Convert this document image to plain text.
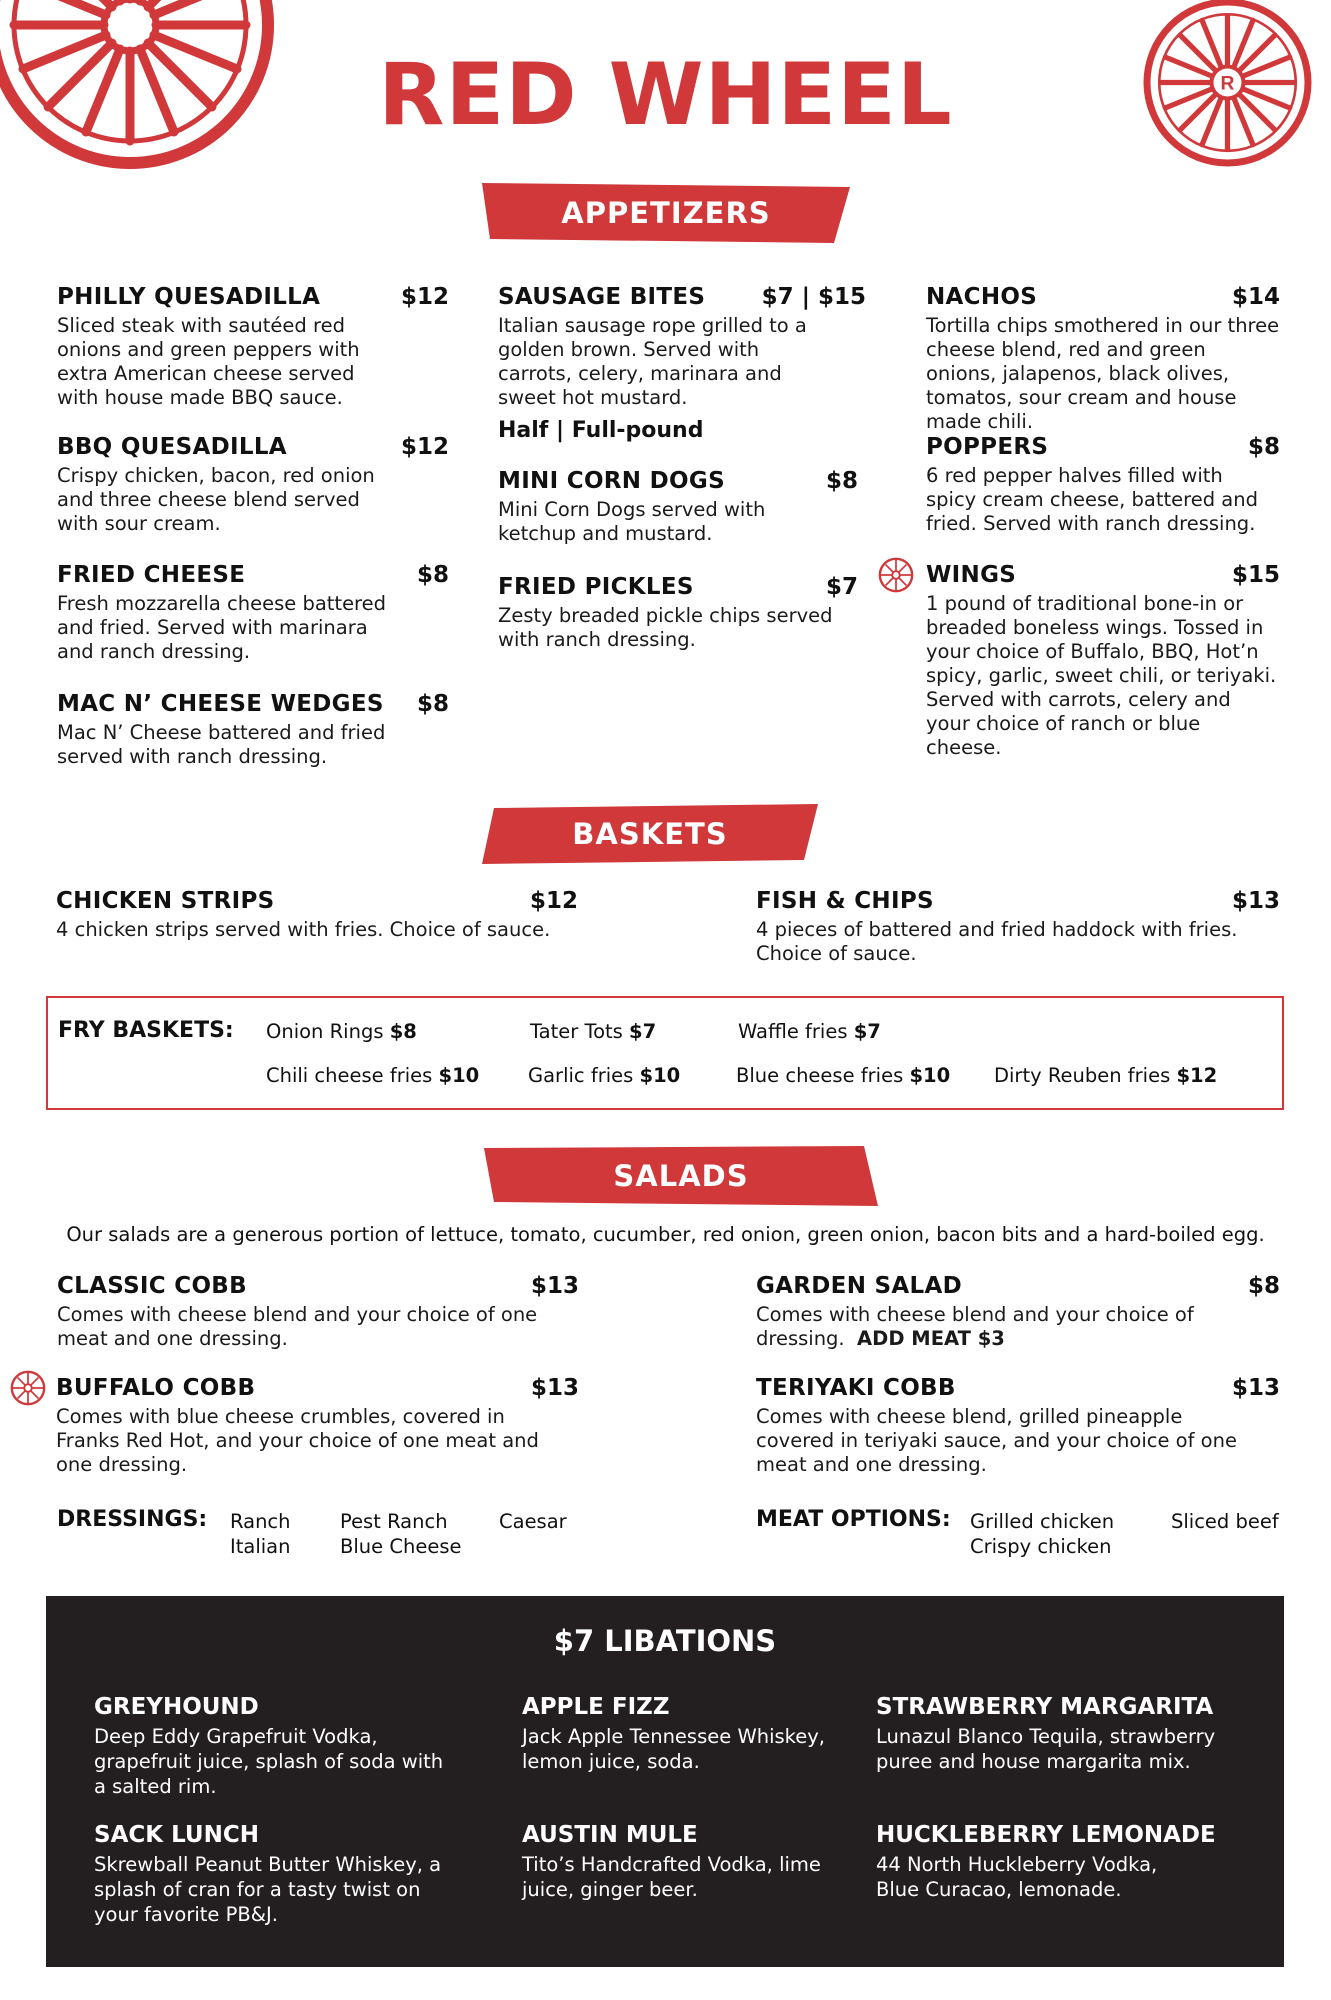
R
RED WHEEL
APPETIZERS
PHILLY QUESADILLA	$12
Sliced steak with sautéed red onions and green peppers with extra American cheese served with house made BBQ sauce.
BBQ QUESADILLA	$12
Crispy chicken, bacon, red onion and three cheese blend served with sour cream.
FRIED CHEESE	$8
Fresh mozzarella cheese battered and fried. Served with marinara and ranch dressing.
MAC N’ CHEESE WEDGES $8
Mac N’ Cheese battered and fried served with ranch dressing.
SAUSAGE BITES $7 | $15
Italian sausage rope grilled to a golden brown. Served with carrots, celery, marinara and sweet hot mustard.
Half | Full-pound
MINI CORN DOGS	$8
Mini Corn Dogs served with ketchup and mustard.
FRIED PICKLES	$7
Zesty breaded pickle chips served with ranch dressing.
NACHOS	$14
Tortilla chips smothered in our three cheese blend, red and green onions, jalapenos, black olives, tomatos, sour cream and house made chili.
POPPERS	$8
6 red pepper halves filled with spicy cream cheese, battered and fried. Served with ranch dressing.
WINGS	$15
1 pound of traditional bone-in or breaded boneless wings. Tossed in your choice of Buffalo, BBQ, Hot’n spicy, garlic, sweet chili, or teriyaki. Served with carrots, celery and your choice of ranch or blue cheese.
BASKETS
CHICKEN STRIPS	$12
4 chicken strips served with fries. Choice of sauce.
FISH & CHIPS	$13
4 pieces of battered and fried haddock with fries. Choice of sauce.
FRY BASKETS: Onion Rings $8	Tater Tots $7	Waffle fries $7
Chili cheese fries $10	Garlic fries $10	Blue cheese fries $10 Dirty Reuben fries $12
SALADS
Our salads are a generous portion of lettuce, tomato, cucumber, red onion, green onion, bacon bits and a hard-boiled egg.
CLASSIC COBB	$13
Comes with cheese blend and your choice of one meat and one dressing.
GARDEN SALAD	$8
Comes with cheese blend and your choice of dressing. ADD MEAT $3
BUFFALO COBB	$13
Comes with blue cheese crumbles, covered in Franks Red Hot, and your choice of one meat and one dressing.
TERIYAKI COBB	$13
Comes with cheese blend, grilled pineapple covered in teriyaki sauce, and your choice of one meat and one dressing.
DRESSINGS: Ranch
Italian
Pest Ranch
Blue Cheese
Caesar	MEAT OPTIONS: Grilled chicken
Crispy chicken
Sliced beef
$7 LIBATIONS
GREYHOUND
Deep Eddy Grapefruit Vodka, grapefruit juice, splash of soda with a salted rim.
APPLE FIZZ
Jack Apple Tennessee Whiskey, lemon juice, soda.
STRAWBERRY MARGARITA
Lunazul Blanco Tequila, strawberry puree and house margarita mix.
SACK LUNCH
Skrewball Peanut Butter Whiskey, a splash of cran for a tasty twist on your favorite PB&J.
AUSTIN MULE
Tito’s Handcrafted Vodka, lime juice, ginger beer.
HUCKLEBERRY LEMONADE
44 North Huckleberry Vodka, Blue Curacao, lemonade.
